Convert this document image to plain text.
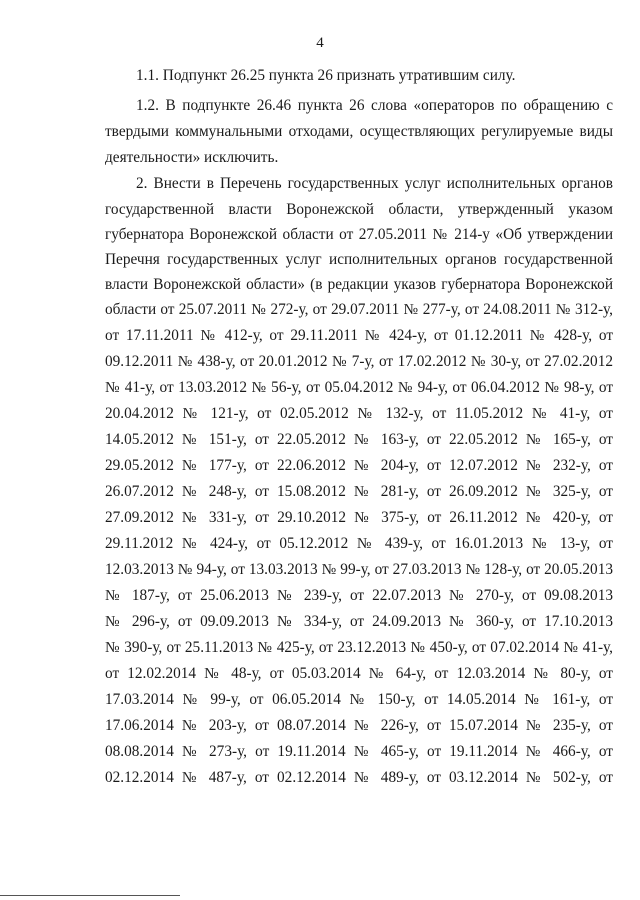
4

1.1. Подпункт 26.25 пункта 26 признать утратившим силу.

1.2. В подпункте 26.46 пункта 26 слова «операторов по обращению с

твердыми коммунальными отходами, осуществляющих регулируемые виды

деятельности» исключить.

2. Внести в Перечень государственных услуг исполнительных органов

государственной власти Воронежской области, утвержденный указом

губернатора Воронежской области от 27.05.2011 № 214-у «Об утверждении

Перечня государственных услуг исполнительных органов государственной

власти Воронежской области» (в редакции указов губернатора Воронежской

области от 25.07.2011 № 272-у, от 29.07.2011 № 277-у, от 24.08.2011 № 312-у,

от 17.11.2011 № 412-у, от 29.11.2011 № 424-у, от 01.12.2011 № 428-у, от

09.12.2011 № 438-у, от 20.01.2012 № 7-у, от 17.02.2012 № 30-у, от 27.02.2012

№ 41-у, от 13.03.2012 № 56-у, от 05.04.2012 № 94-у, от 06.04.2012 № 98-у, от

20.04.2012 № 121-у, от 02.05.2012 № 132-у, от 11.05.2012 № 41-у, от

14.05.2012 № 151-у, от 22.05.2012 № 163-у, от 22.05.2012 № 165-у, от

29.05.2012 № 177-у, от 22.06.2012 № 204-у, от 12.07.2012 № 232-у, от

26.07.2012 № 248-у, от 15.08.2012 № 281-у, от 26.09.2012 № 325-у, от

27.09.2012 № 331-у, от 29.10.2012 № 375-у, от 26.11.2012 № 420-у, от

29.11.2012 № 424-у, от 05.12.2012 № 439-у, от 16.01.2013 № 13-у, от

12.03.2013 № 94-у, от 13.03.2013 № 99-у, от 27.03.2013 № 128-у, от 20.05.2013

№ 187-у, от 25.06.2013 № 239-у, от 22.07.2013 № 270-у, от 09.08.2013

№ 296-у, от 09.09.2013 № 334-у, от 24.09.2013 № 360-у, от 17.10.2013

№ 390-у, от 25.11.2013 № 425-у, от 23.12.2013 № 450-у, от 07.02.2014 № 41-у,

от 12.02.2014 № 48-у, от 05.03.2014 № 64-у, от 12.03.2014 № 80-у, от

17.03.2014 № 99-у, от 06.05.2014 № 150-у, от 14.05.2014 № 161-у, от

17.06.2014 № 203-у, от 08.07.2014 № 226-у, от 15.07.2014 № 235-у, от

08.08.2014 № 273-у, от 19.11.2014 № 465-у, от 19.11.2014 № 466-у, от

02.12.2014 № 487-у, от 02.12.2014 № 489-у, от 03.12.2014 № 502-у, от
